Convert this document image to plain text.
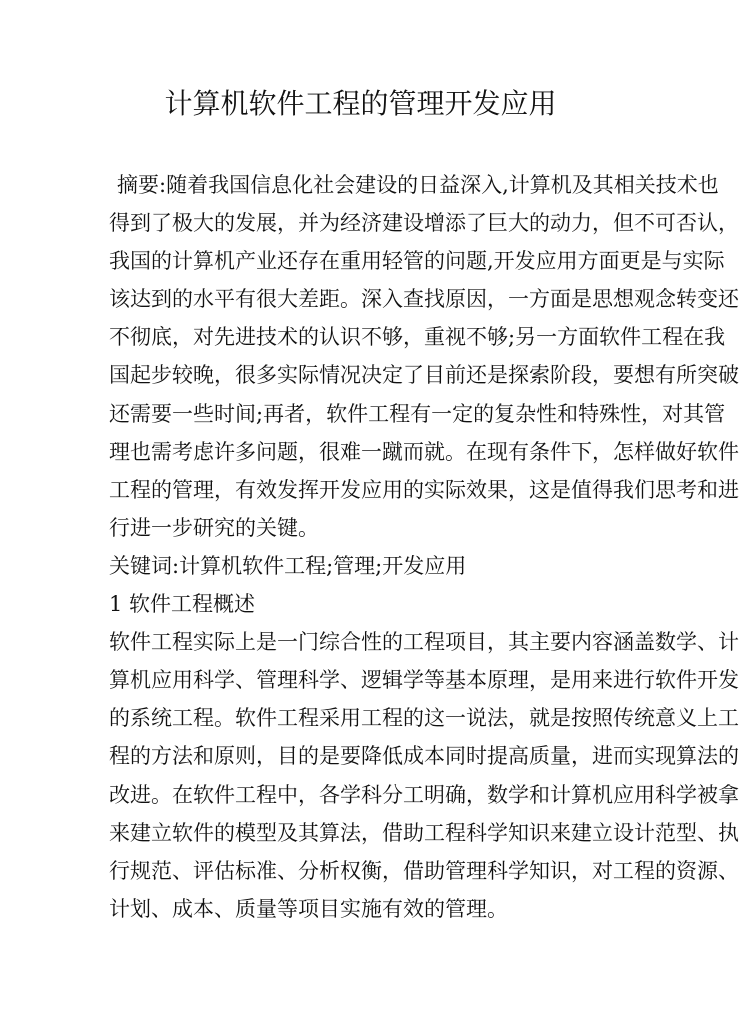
计算机软件工程的管理开发应用
摘要:随着我国信息化社会建设的日益深入,计算机及其相关技术也
得到了极大的发展，并为经济建设增添了巨大的动力，但不可否认，
我国的计算机产业还存在重用轻管的问题,开发应用方面更是与实际
该达到的水平有很大差距。深入查找原因，一方面是思想观念转变还
不彻底，对先进技术的认识不够，重视不够;另一方面软件工程在我
国起步较晚，很多实际情况决定了目前还是探索阶段，要想有所突破
还需要一些时间;再者，软件工程有一定的复杂性和特殊性，对其管
理也需考虑许多问题，很难一蹴而就。在现有条件下，怎样做好软件
工程的管理，有效发挥开发应用的实际效果，这是值得我们思考和进
行进一步研究的关键。
关键词:计算机软件工程;管理;开发应用
1 软件工程概述
软件工程实际上是一门综合性的工程项目，其主要内容涵盖数学、计
算机应用科学、管理科学、逻辑学等基本原理，是用来进行软件开发
的系统工程。软件工程采用工程的这一说法，就是按照传统意义上工
程的方法和原则，目的是要降低成本同时提高质量，进而实现算法的
改进。在软件工程中，各学科分工明确，数学和计算机应用科学被拿
来建立软件的模型及其算法，借助工程科学知识来建立设计范型、执
行规范、评估标准、分析权衡，借助管理科学知识，对工程的资源、
计划、成本、质量等项目实施有效的管理。
